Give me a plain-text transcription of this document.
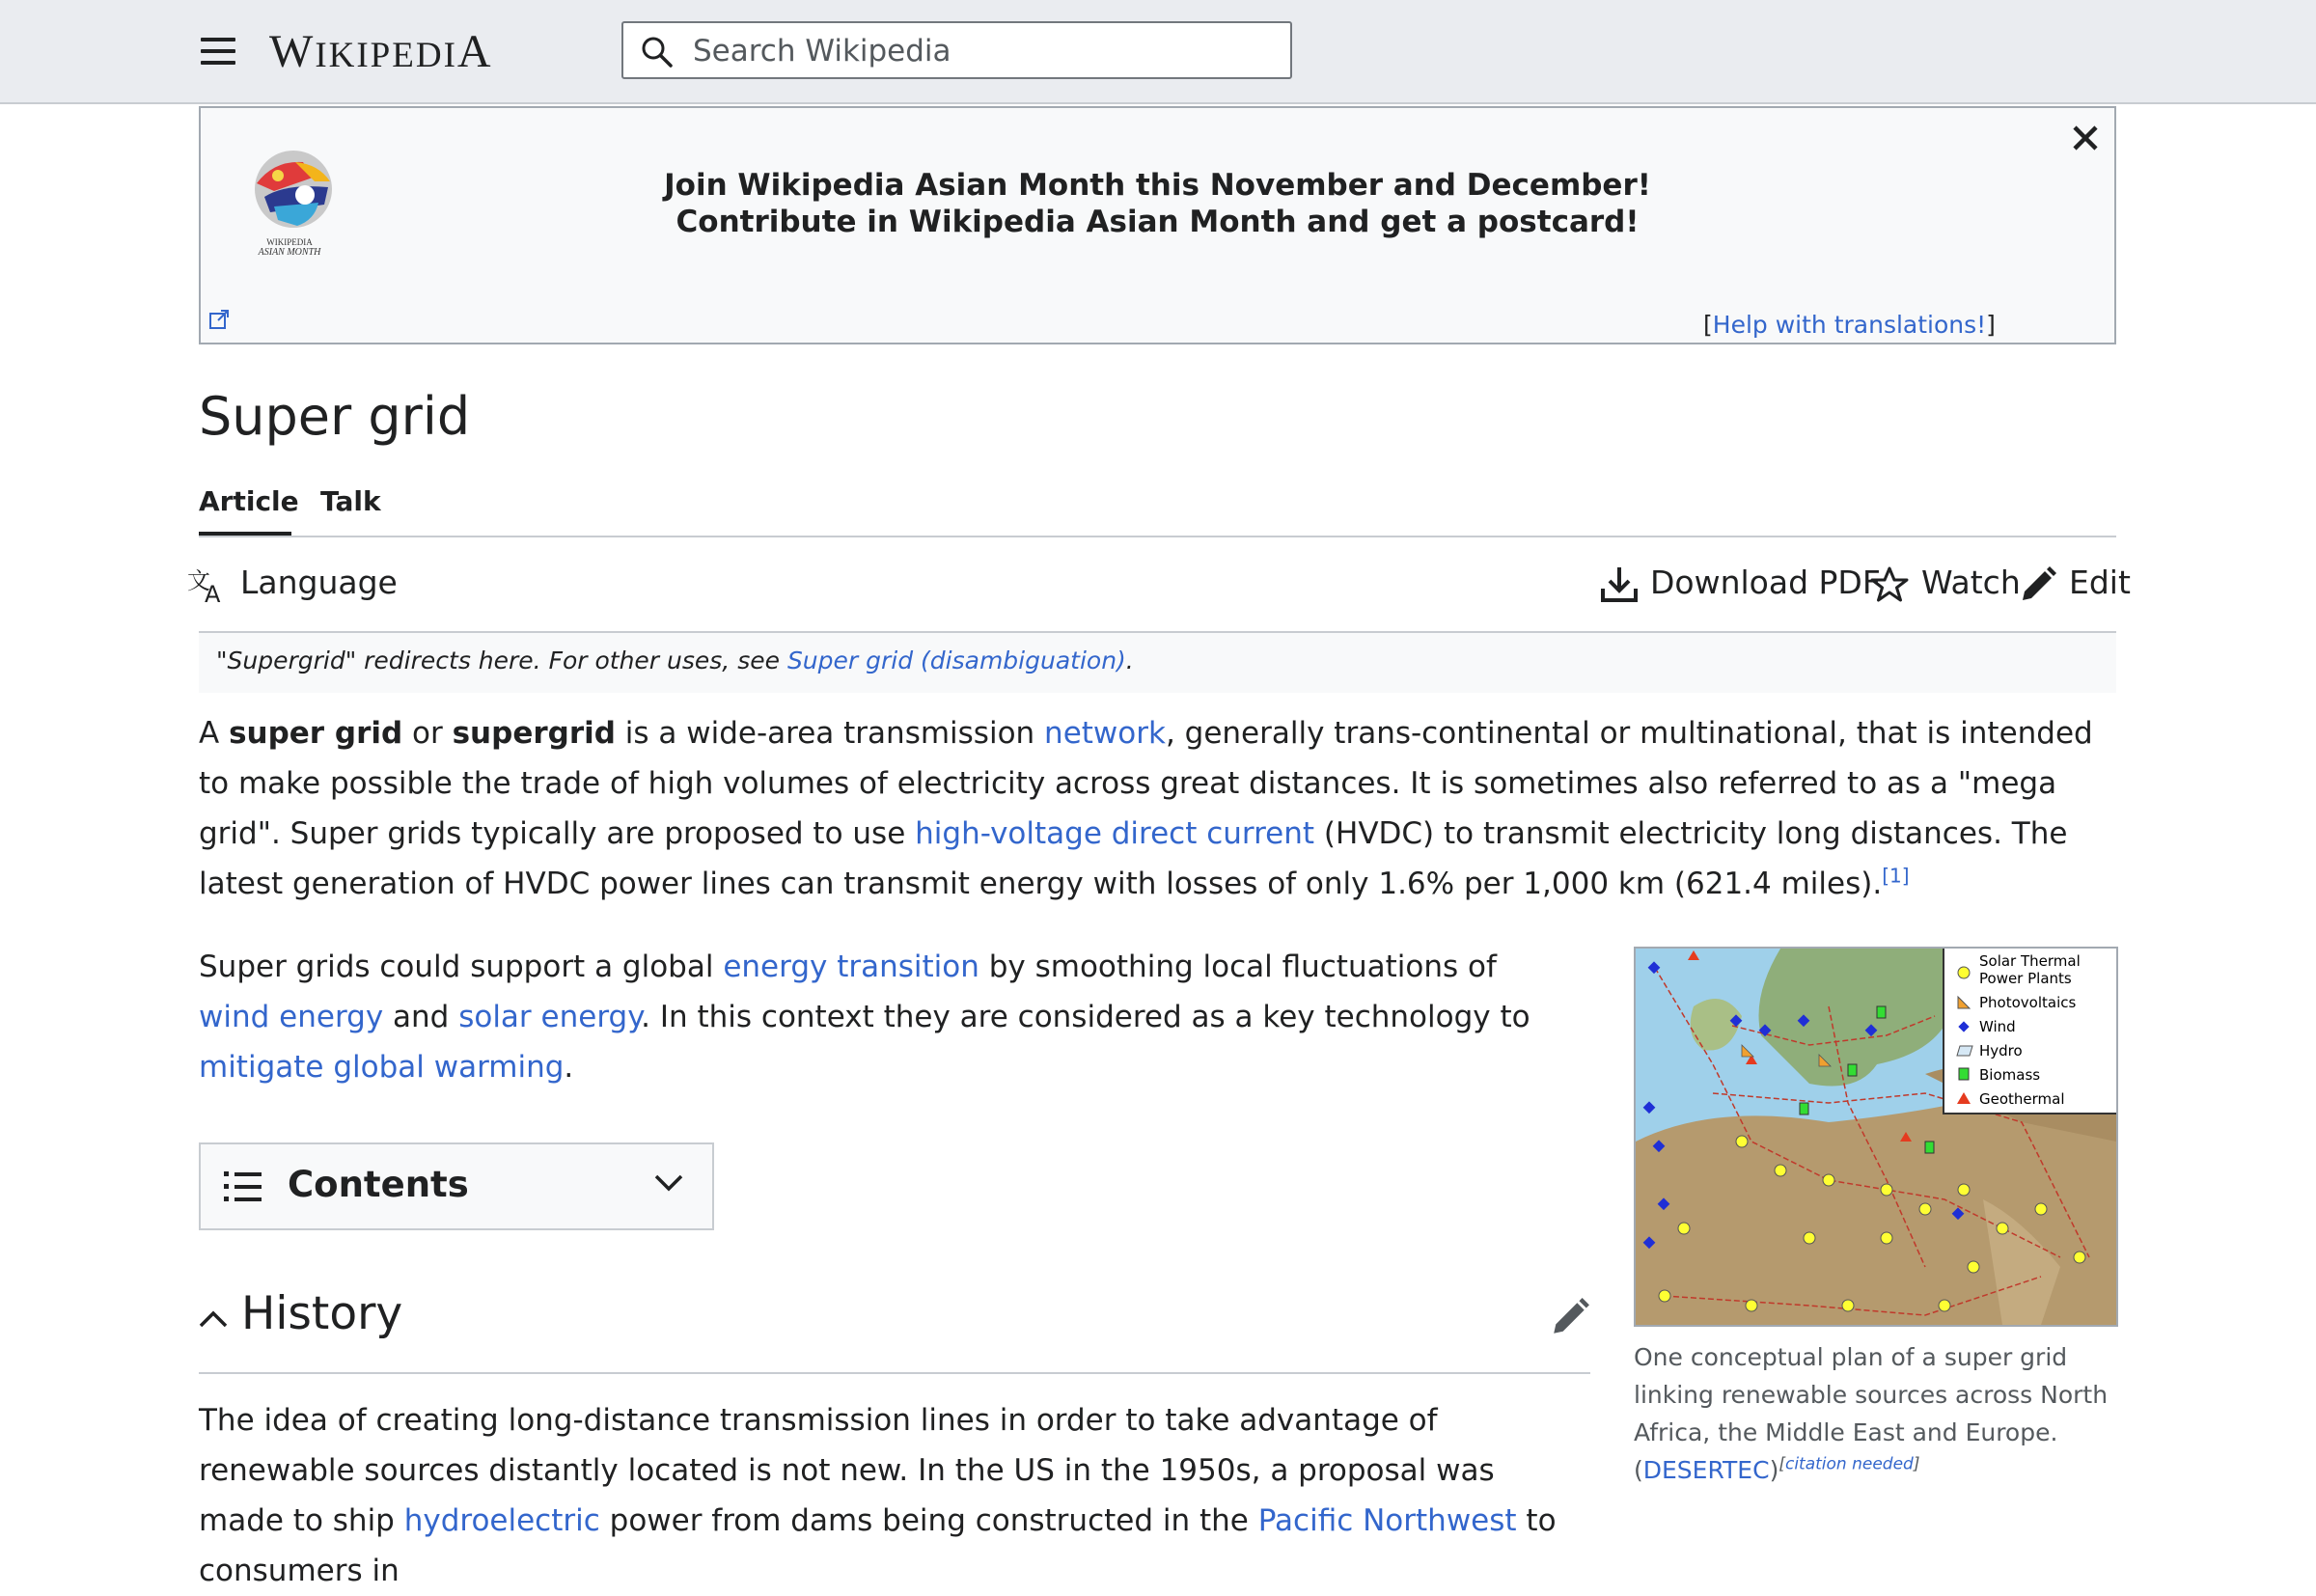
WIKIPEDIA
Search Wikipedia
WIKIPEDIA
ASIAN MONTH
Join Wikipedia Asian Month this November and December!
Contribute in Wikipedia Asian Month and get a postcard!
[Help with translations!]
Super grid
Article Talk
文
A Language	Download PDF Watch Edit
"Supergrid" redirects here. For other uses, see Super grid (disambiguation).

A super grid or supergrid is a wide-area transmission network, generally trans-continental or multinational, that is intended to make possible the trade of high volumes of electricity across great distances. It is sometimes also referred to as a "mega grid". Super grids typically are proposed to use high-voltage direct current (HVDC) to transmit electricity long distances. The latest generation of HVDC power lines can transmit energy with losses of only 1.6% per 1,000 km (621.4 miles).[1]

Super grids could support a global energy transition by smoothing local fluctuations of wind energy and solar energy. In this context they are considered as a key technology to mitigate global warming.

Contents
History

The idea of creating long-distance transmission lines in order to take advantage of renewable sources distantly located is not new. In the US in the 1950s, a proposal was made to ship hydroelectric power from dams being constructed in the Pacific Northwest to consumers in

Solar Thermal
Power Plants
Photovoltaics
Wind
Hydro
Biomass
Geothermal

One conceptual plan of a super grid linking renewable sources across North Africa, the Middle East and Europe. (DESERTEC)[citation needed]
